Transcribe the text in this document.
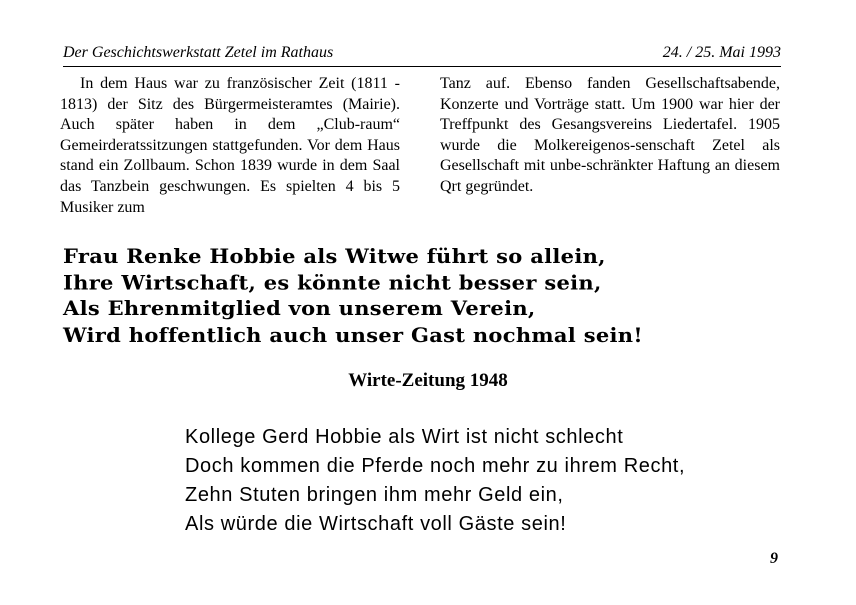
Der Geschichtswerkstatt Zetel im Rathaus	24. / 25. Mai 1993
In dem Haus war zu französischer Zeit (1811 - 1813) der Sitz des Bürgermeisteramtes (Mairie). Auch später haben in dem „Club-raum“ Gemeirderatssitzungen stattgefunden. Vor dem Haus stand ein Zollbaum. Schon 1839 wurde in dem Saal das Tanzbein geschwungen. Es spielten 4 bis 5 Musiker zum
Tanz auf. Ebenso fanden Gesellschaftsabende, Konzerte und Vorträge statt. Um 1900 war hier der Treffpunkt des Gesangsvereins Liedertafel. 1905 wurde die Molkereigenos-senschaft Zetel als Gesellschaft mit unbe-schränkter Haftung an diesem Qrt gegründet.
Frau Renke Hobbie als Witwe führt so allein,
Ihre Wirtschaft, es könnte nicht besser sein,
Als Ehrenmitglied von unserem Verein,
Wird hoffentlich auch unser Gast nochmal sein!
Wirte-Zeitung 1948
Kollege Gerd Hobbie als Wirt ist nicht schlecht
Doch kommen die Pferde noch mehr zu ihrem Recht,
Zehn Stuten bringen ihm mehr Geld ein,
Als würde die Wirtschaft voll Gäste sein!
9
